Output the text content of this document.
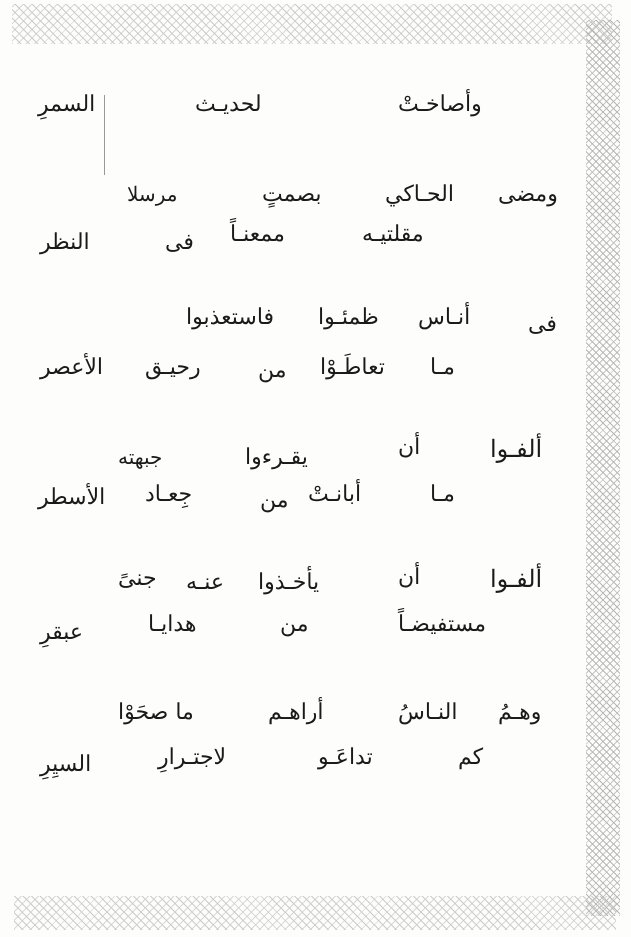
وأصاخـتْ
لحديـث
السمرِ
ومضى
الحـاكي
بصمتٍ
مرسلا
مقلتيـه
ممعنـاً
فى
النظر
فى
أنـاس
ظمئـوا
فاستعذبوا
مـا
تعاطَـوْا
من
رحيـق
الأعصر
ألفـوا
أن
يقـرءوا
جبهته
مـا
أبانـتْ
من
جِعـاد
الأسطر
ألفـوا
أن
يأخـذوا
عنـه
جنىً
مستفيضـاً
من
هدايـا
عبقرِ
وهـمُ
النـاسُ
أراهـم
ما صحَوْا
كم
تداعَـو
لاجتـرارِ
السيِرِ
